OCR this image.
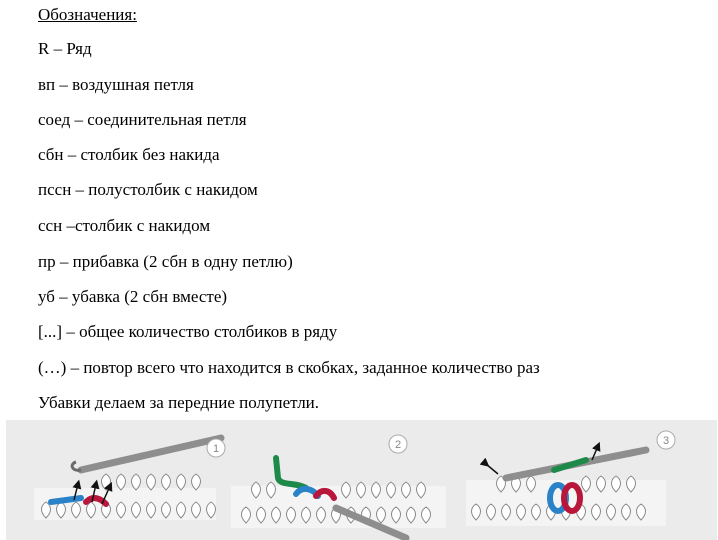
Обозначения:
R – Ряд
вп – воздушная петля
соед – соединительная петля
сбн – столбик без накида
пссн – полустолбик с накидом
ссн –столбик с накидом
пр – прибавка (2 сбн в одну петлю)
уб – убавка (2 сбн вместе)
[...] – общее количество столбиков в ряду
(…) – повтор всего что находится в скобках, заданное количество раз
Убавки делаем за передние полупетли.
1	2	3
